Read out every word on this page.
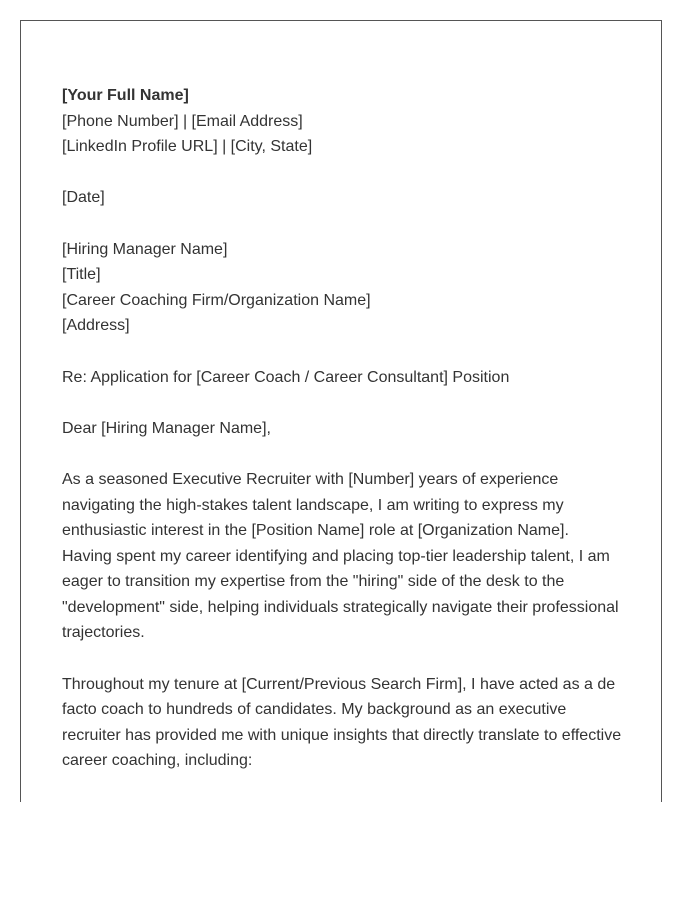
[Your Full Name]
[Phone Number] | [Email Address]
[LinkedIn Profile URL] | [City, State]
[Date]
[Hiring Manager Name]
[Title]
[Career Coaching Firm/Organization Name]
[Address]
Re: Application for [Career Coach / Career Consultant] Position
Dear [Hiring Manager Name],
As a seasoned Executive Recruiter with [Number] years of experience
navigating the high-stakes talent landscape, I am writing to express my
enthusiastic interest in the [Position Name] role at [Organization Name].
Having spent my career identifying and placing top-tier leadership talent, I am
eager to transition my expertise from the "hiring" side of the desk to the
"development" side, helping individuals strategically navigate their professional
trajectories.
Throughout my tenure at [Current/Previous Search Firm], I have acted as a de
facto coach to hundreds of candidates. My background as an executive
recruiter has provided me with unique insights that directly translate to effective
career coaching, including:
